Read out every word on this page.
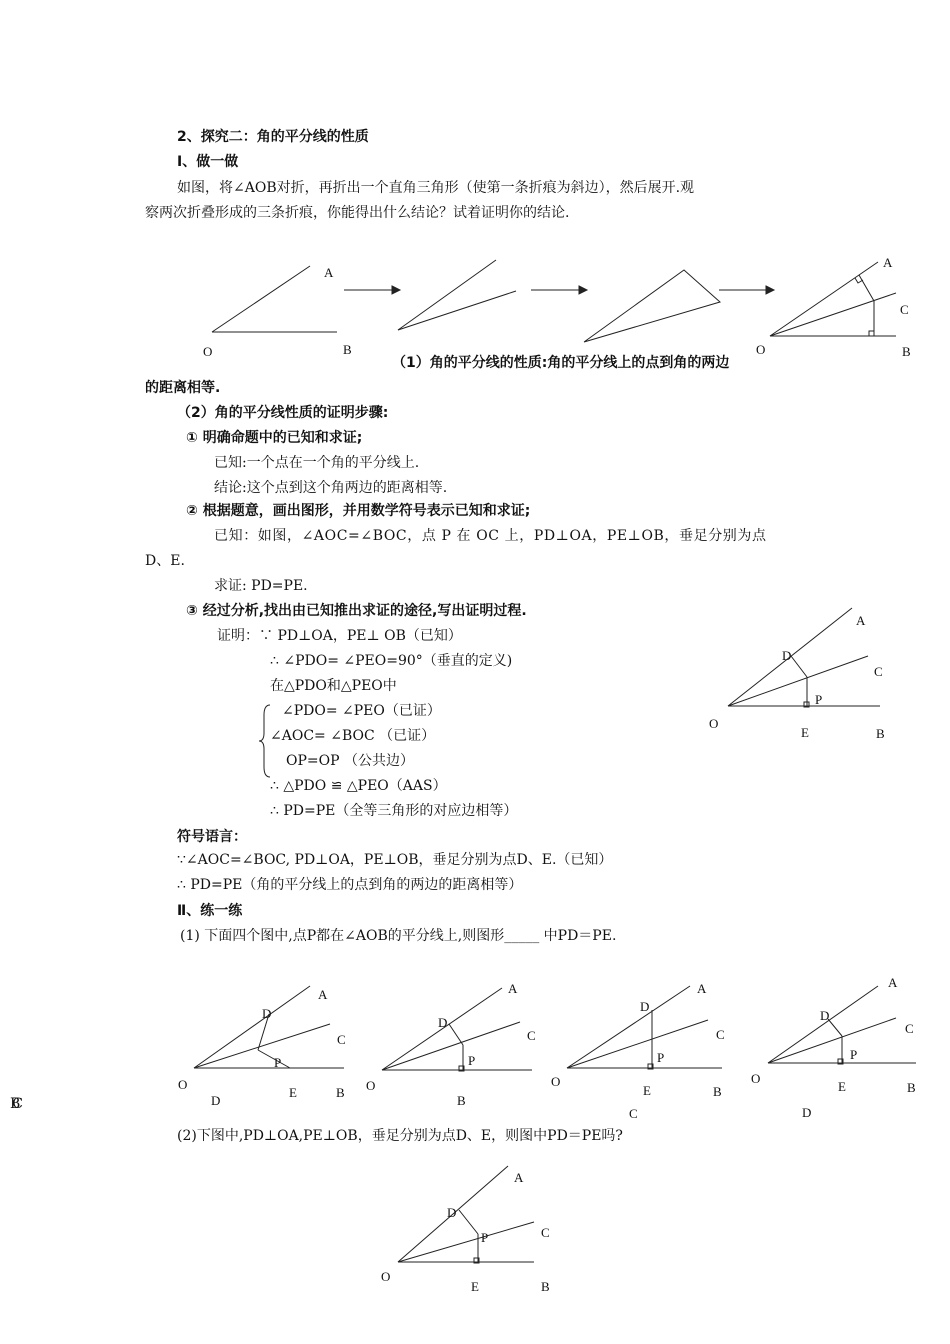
2、探究二：角的平分线的性质
Ⅰ、做一做
如图，将∠AOB对折，再折出一个直角三角形（使第一条折痕为斜边），然后展开.观
察两次折叠形成的三条折痕，你能得出什么结论？试着证明你的结论.
（1）角的平分线的性质:角的平分线上的点到角的两边
的距离相等.
（2）角的平分线性质的证明步骤:
① 明确命题中的已知和求证;
已知:一个点在一个角的平分线上.
结论:这个点到这个角两边的距离相等.
② 根据题意，画出图形，并用数学符号表示已知和求证;
已知：如图，∠AOC=∠BOC，点 P 在 OC 上，PD⊥OA，PE⊥OB，垂足分别为点
D、E.
求证: PD=PE.
③ 经过分析,找出由已知推出求证的途径,写出证明过程.
证明：∵ PD⊥OA，PE⊥ OB（已知）
∴ ∠PDO= ∠PEO=90°（垂直的定义)
在△PDO和△PEO中
∠PDO= ∠PEO（已证）
∠AOC= ∠BOC （已证）
OP=OP （公共边）
∴ △PDO ≌ △PEO（AAS）
∴ PD=PE（全等三角形的对应边相等）
符号语言：
∵∠AOC=∠BOC, PD⊥OA，PE⊥OB，垂足分别为点D、E.（已知）
∴ PD=PE（角的平分线上的点到角的两边的距离相等）
Ⅱ、练一练
(1) 下面四个图中,点P都在∠AOB的平分线上,则图形_____ 中PD＝PE.
BC
(2)下图中,PD⊥OA,PE⊥OB，垂足分别为点D、E，则图中PD＝PE吗?
A
O	B
A
C
O	B
A
C
D
P
O
E	B
A
C
D
P
O
E	B
D
A
C
D
P
O
B
A
C
D
P
O
E	B
C
A
C
D
P
O
E	B
D
A
C
D
P
O
E	B
